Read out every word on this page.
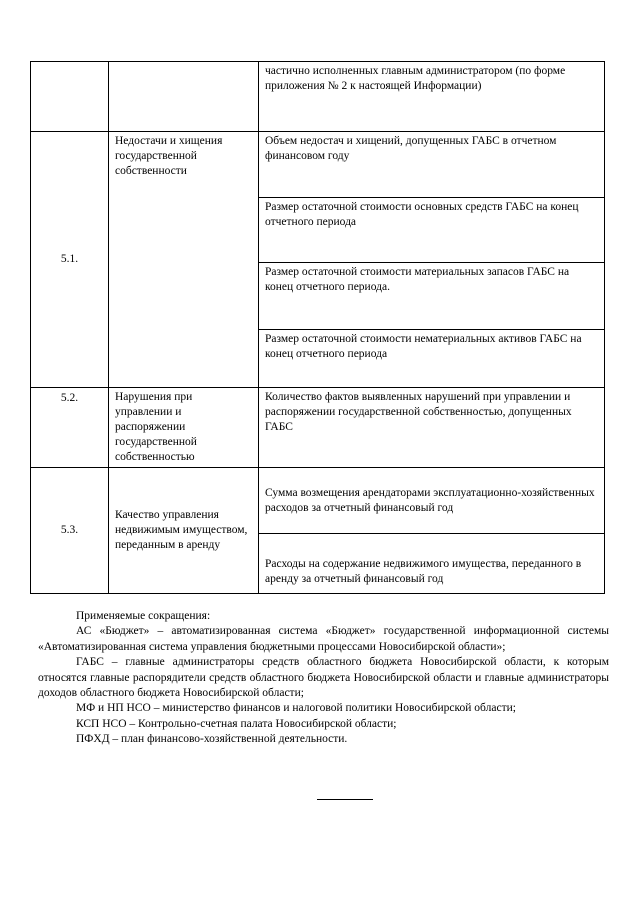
		частично исполненных главным администратором (по форме приложения № 2 к настоящей Информации)
5.1.	Недостачи и хищения государственной собственности	Объем недостач и хищений, допущенных ГАБС в отчетном финансовом году
		Размер остаточной стоимости основных средств ГАБС на конец отчетного периода
		Размер остаточной стоимости материальных запасов ГАБС на конец отчетного периода.
		Размер остаточной стоимости нематериальных активов ГАБС на конец отчетного периода
5.2.	Нарушения при управлении и распоряжении государственной собственностью	Количество фактов выявленных нарушений при управлении и распоряжении государственной собственностью, допущенных ГАБС
5.3.	Качество управления недвижимым имуществом, переданным в аренду	Сумма возмещения арендаторами эксплуатационно-хозяйственных расходов за отчетный финансовый год
		Расходы на содержание недвижимого имущества, переданного в аренду за отчетный финансовый год

Применяемые сокращения:

АС «Бюджет» – автоматизированная система «Бюджет» государственной информационной системы «Автоматизированная система управления бюджетными процессами Новосибирской области»;

ГАБС – главные администраторы средств областного бюджета Новосибирской области, к которым относятся главные распорядители средств областного бюджета Новосибирской области и главные администраторы доходов областного бюджета Новосибирской области;

МФ и НП НСО – министерство финансов и налоговой политики Новосибирской области;

КСП НСО – Контрольно-счетная палата Новосибирской области;

ПФХД – план финансово-хозяйственной деятельности.
